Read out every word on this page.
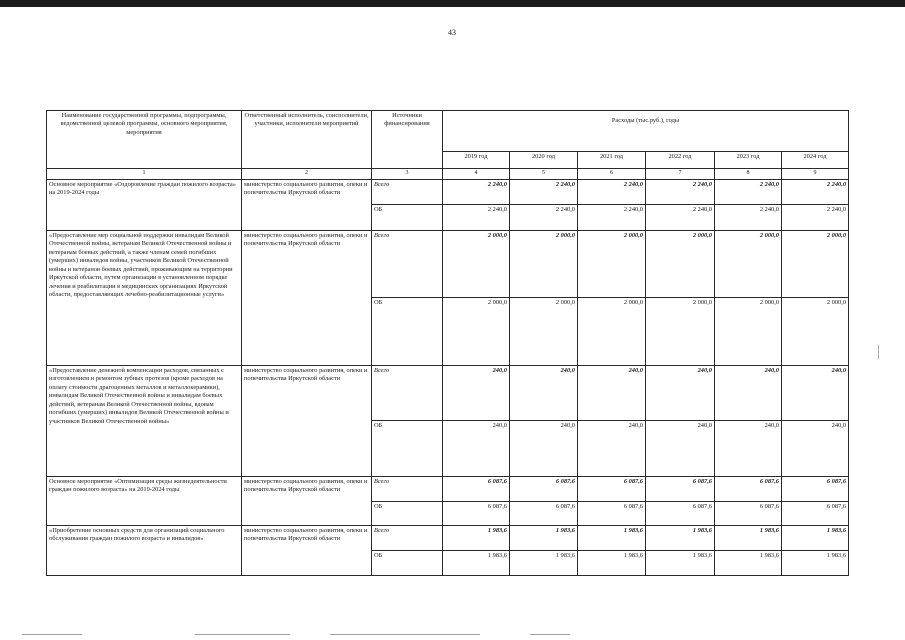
43
Наименование государственной программы, подпрограммы, ведомственной целевой программы, основного мероприятия, мероприятия	Ответственный исполнитель, соисполнители, участники, исполнители мероприятий	Источники финансирования	Расходы (тыс.руб.), годы					
			2019 год	2020 год	2021 год	2022 год	2023 год	2024 год
1	2	3	4	5	6	7	8	9
Основное мероприятие «Оздоровление граждан пожилого возраста» на 2019-2024 годы	министерство социального развития, опеки и попечительства Иркутской области	Всего	2 240,0	2 240,0	2 240,0	2 240,0	2 240,0	2 240,0
		ОБ	2 240,0	2 240,0	2 240,0	2 240,0	2 240,0	2 240,0
«Предоставление мер социальной поддержки инвалидам Великой Отечественной войны, ветеранам Великой Отечественной войны и ветеранам боевых действий, а также членам семей погибших (умерших) инвалидов войны, участников Великой Отечественной войны и ветеранов боевых действий, проживающим на территории Иркутской области, путем организации в установленном порядке лечения и реабилитации в медицинских организациях Иркутской области, предоставляющих лечебно-реабилитационные услуги»	министерство социального развития, опеки и попечительства Иркутской области	Всего	2 000,0	2 000,0	2 000,0	2 000,0	2 000,0	2 000,0
		ОБ	2 000,0	2 000,0	2 000,0	2 000,0	2 000,0	2 000,0
«Предоставление денежной компенсации расходов, связанных с изготовлением и ремонтом зубных протезов (кроме расходов на оплату стоимости драгоценных металлов и металлокерамики), инвалидам Великой Отечественной войны и инвалидам боевых действий, ветеранам Великой Отечественной войны, вдовам погибших (умерших) инвалидов Великой Отечественной войны и участников Великой Отечественной войны»	министерство социального развития, опеки и попечительства Иркутской области	Всего	240,0	240,0	240,0	240,0	240,0	240,0
		ОБ	240,0	240,0	240,0	240,0	240,0	240,0
Основное мероприятие «Оптимизация среды жизнедеятельности граждан пожилого возраста» на 2019-2024 годы	министерство социального развития, опеки и попечительства Иркутской области	Всего	6 087,6	6 087,6	6 087,6	6 087,6	6 087,6	6 087,6
		ОБ	6 087,6	6 087,6	6 087,6	6 087,6	6 087,6	6 087,6
«Приобретение основных средств для организаций социального обслуживания граждан пожилого возраста и инвалидов»	министерство социального развития, опеки и попечительства Иркутской области	Всего	1 983,6	1 983,6	1 983,6	1 983,6	1 983,6	1 983,6
		ОБ	1 983,6	1 983,6	1 983,6	1 983,6	1 983,6	1 983,6
